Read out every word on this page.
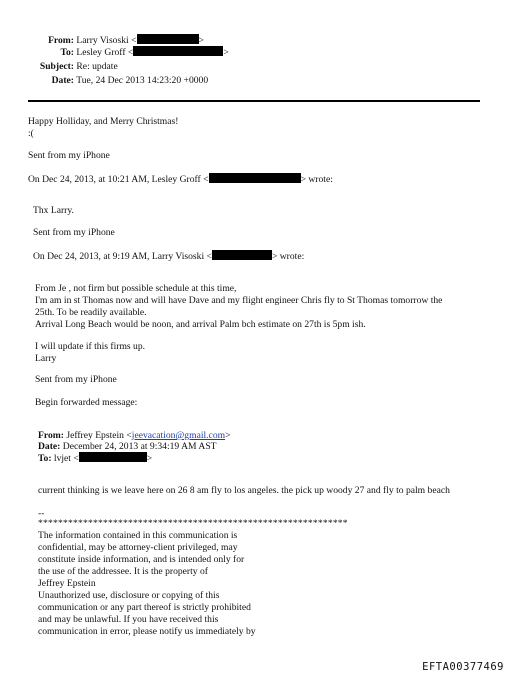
From: Larry Visoski <	>
To: Lesley Groff <	>
Subject: Re: update
Date: Tue, 24 Dec 2013 14:23:20 +0000
Happy Holliday, and Merry Christmas!
:(
Sent from my iPhone
On Dec 24, 2013, at 10:21 AM, Lesley Groff <	> wrote:
Thx Larry.
Sent from my iPhone
On Dec 24, 2013, at 9:19 AM, Larry Visoski <	> wrote:
From Je , not firm but possible schedule at this time,
I'm am in st Thomas now and will have Dave and my flight engineer Chris fly to St Thomas tomorrow the
25th. To be readily available.
Arrival Long Beach would be noon, and arrival Palm bch estimate on 27th is 5pm ish.
I will update if this firms up.
Larry
Sent from my iPhone
Begin forwarded message:
From: Jeffrey Epstein <jeevacation@gmail.com>
Date: December 24, 2013 at 9:34:19 AM AST
To: lvjet <	>
current thinking is we leave here on 26 8 am fly to los angeles. the pick up woody 27 and fly to palm beach
--
**************************************************************
The information contained in this communication is
confidential, may be attorney-client privileged, may
constitute inside information, and is intended only for
the use of the addressee. It is the property of
Jeffrey Epstein
Unauthorized use, disclosure or copying of this
communication or any part thereof is strictly prohibited
and may be unlawful. If you have received this
communication in error, please notify us immediately by
EFTA00377469
